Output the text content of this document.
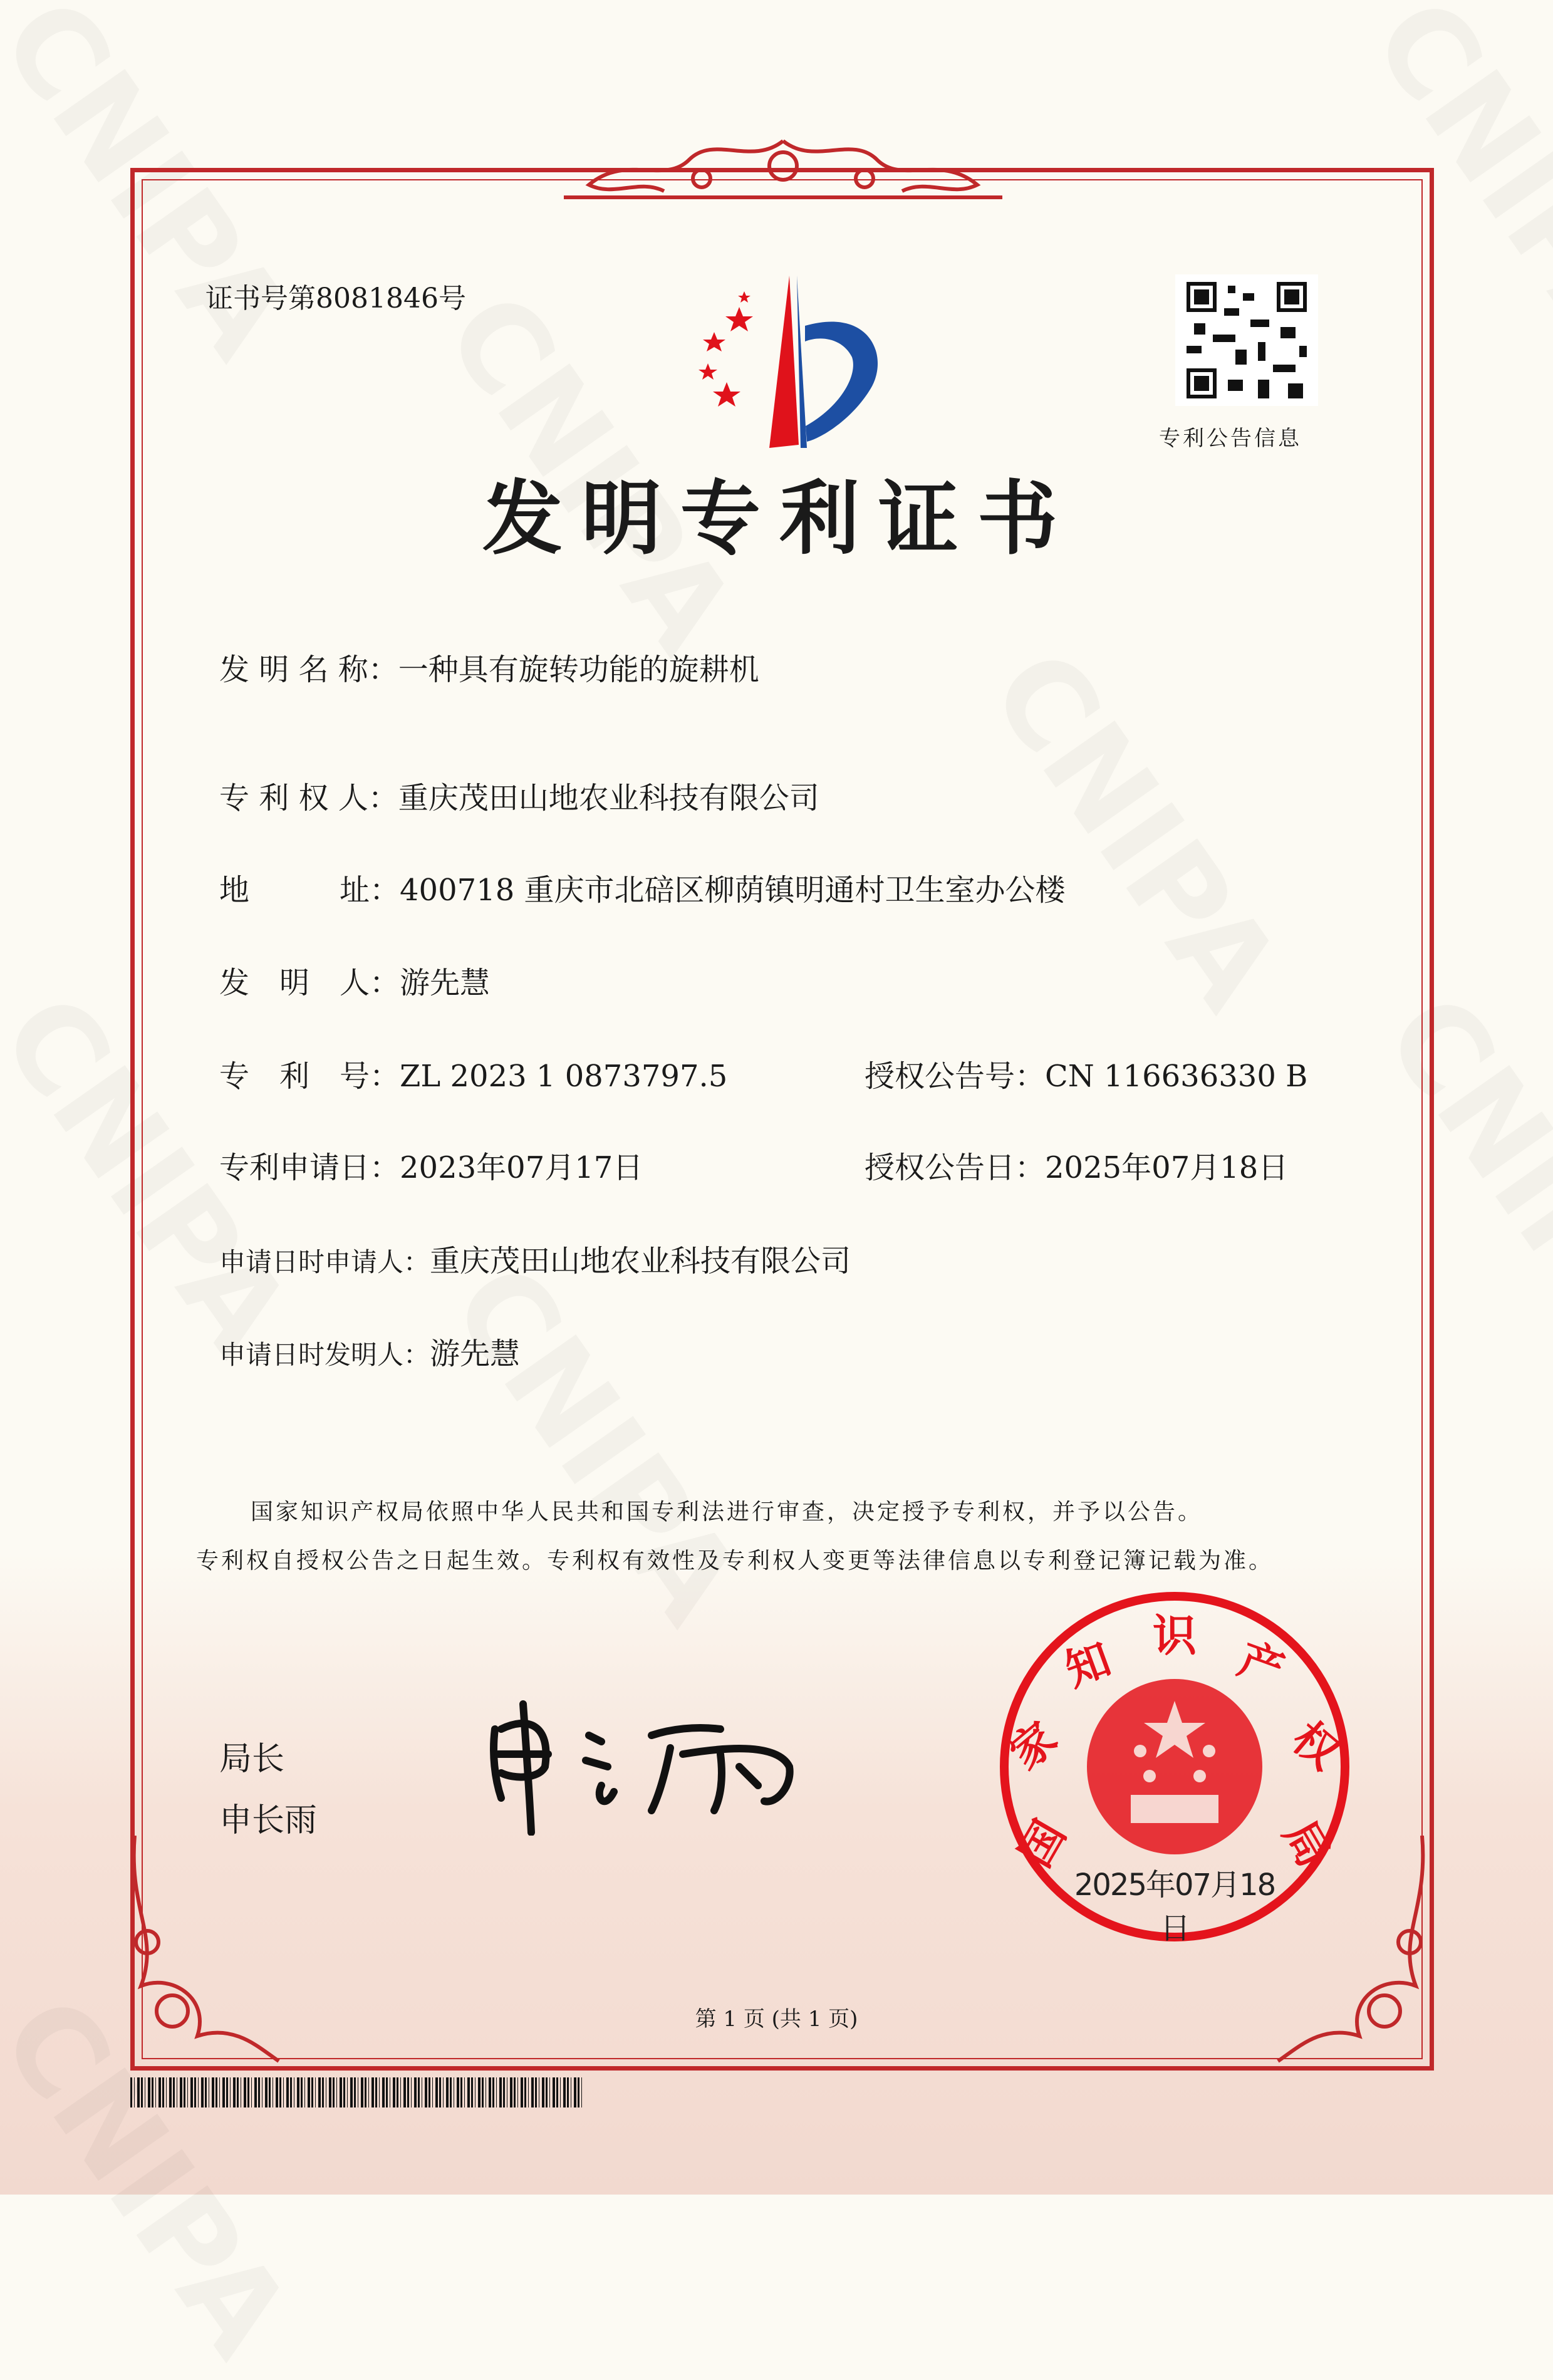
证书号第8081846号
专利公告信息
发明专利证书
发 明 名 称：一种具有旋转功能的旋耕机
专 利 权 人：重庆茂田山地农业科技有限公司
地　　　址：400718 重庆市北碚区柳荫镇明通村卫生室办公楼
发　明　人：游先慧
专　利　号：ZL 2023 1 0873797.5
专利申请日：2023年07月17日
申请日时申请人：重庆茂田山地农业科技有限公司
申请日时发明人：游先慧
授权公告号：CN 116636330 B
授权公告日：2025年07月18日
国家知识产权局依照中华人民共和国专利法进行审查，决定授予专利权，并予以公告。
专利权自授权公告之日起生效。专利权有效性及专利权人变更等法律信息以专利登记簿记载为准。
局长
申长雨	国
家
知 识 产
权
局
2025年07月18日
第 1 页 (共 1 页)
